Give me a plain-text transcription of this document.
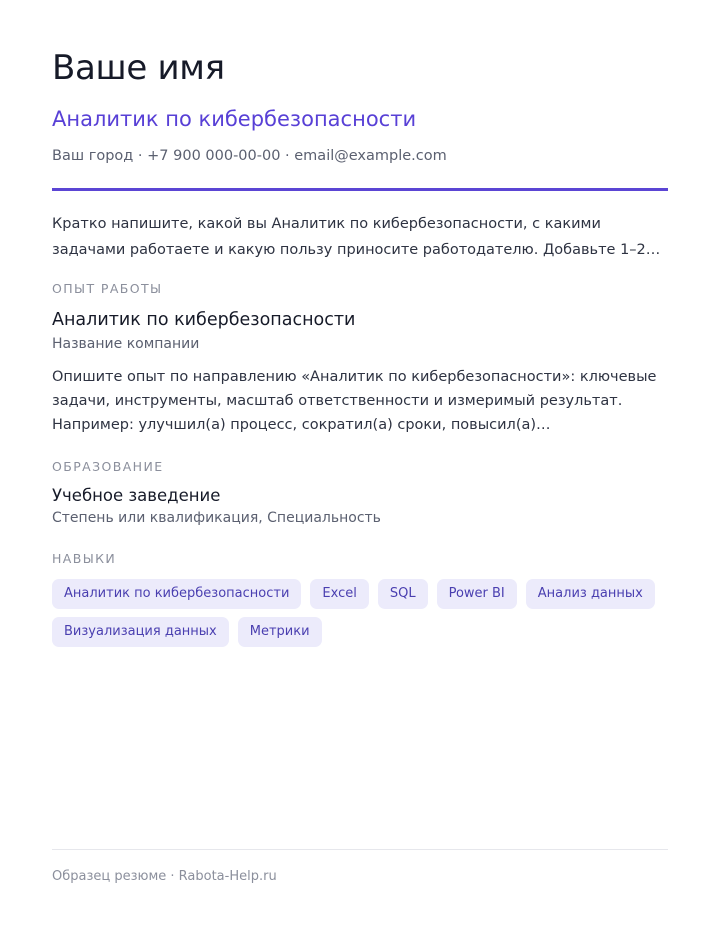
Ваше имя
Аналитик по кибербезопасности
Ваш город · +7 900 000-00-00 · email@example.com
Кратко напишите, какой вы Аналитик по кибербезопасности, с какими задачами работаете и какую пользу приносите работодателю. Добавьте 1–2…
ОПЫТ РАБОТЫ
Аналитик по кибербезопасности
Название компании
Опишите опыт по направлению «Аналитик по кибербезопасности»: ключевые задачи, инструменты, масштаб ответственности и измеримый результат. Например: улучшил(а) процесс, сократил(а) сроки, повысил(а)…
ОБРАЗОВАНИЕ
Учебное заведение
Степень или квалификация, Специальность
НАВЫКИ
Аналитик по кибербезопасности	Excel	SQL	Power BI	Анализ данных
Визуализация данных	Метрики
Образец резюме · Rabota-Help.ru
